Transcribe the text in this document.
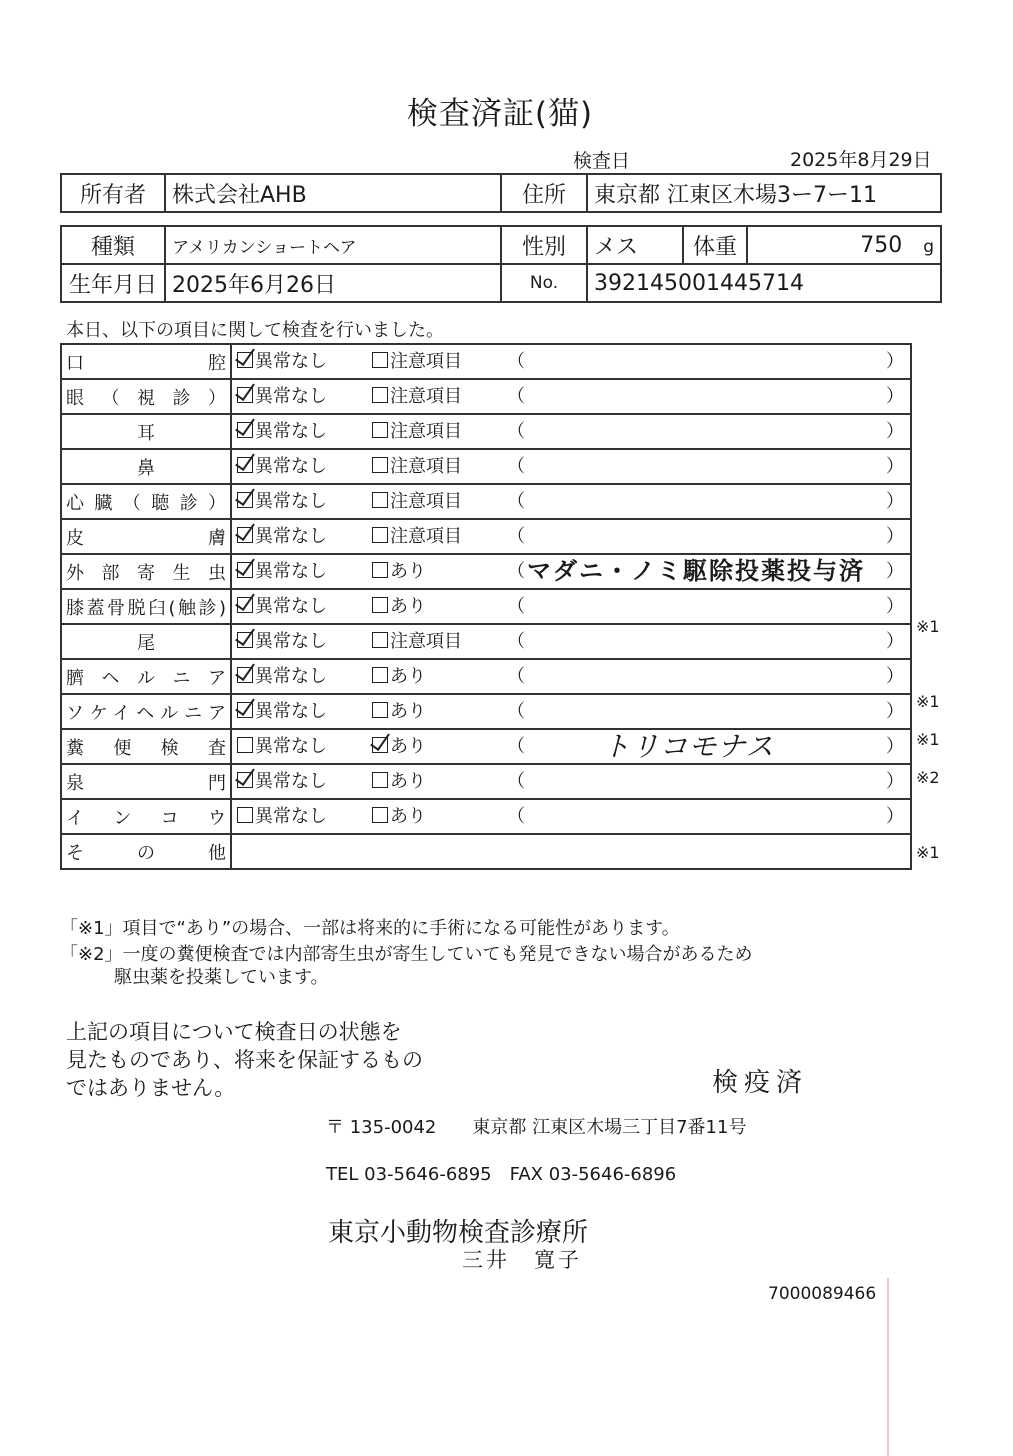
検査済証(猫)
検査日	2025年8月29日
所有者	株式会社AHB	住所	東京都 江東区木場3ー7ー11
種類	アメリカンショートヘア	性別	メス	体重	750 g
生年月日	2025年6月26日	No.	392145001445714		
本日、以下の項目に関して検査を行いました。
口　腔	異常なし 注意項目 （ ）

眼（視診）	異常なし 注意項目 （ ）

耳	異常なし 注意項目 （ ）

鼻	異常なし 注意項目 （ ）

心臓（聴診）	異常なし 注意項目 （ ）

皮　膚	異常なし 注意項目 （ ）

外部寄生虫	異常なし あり （ マダニ・ノミ駆除投薬投与済 ）

膝蓋骨脱臼(触診)	異常なし あり （ ）

尾	異常なし 注意項目 （ ）

臍ヘルニア	異常なし あり （ ）

ソケイヘルニア	異常なし あり （ ）

糞便検査	異常なし あり （ トリコモナス ）

泉　門	異常なし あり （ ）

インコウ	異常なし あり （ ）

その他	

※1
※1
※1
※2
※1
「※1」項目で“あり”の場合、一部は将来的に手術になる可能性があります。
「※2」一度の糞便検査では内部寄生虫が寄生していても発見できない場合があるため
駆虫薬を投薬しています。
上記の項目について検査日の状態を
見たものであり、将来を保証するもの
ではありません。	検疫済
〒 135-0042　　東京都 江東区木場三丁目7番11号
TEL 03-5646-6895　FAX 03-5646-6896
東京小動物検査診療所
三井　寛子
7000089466
